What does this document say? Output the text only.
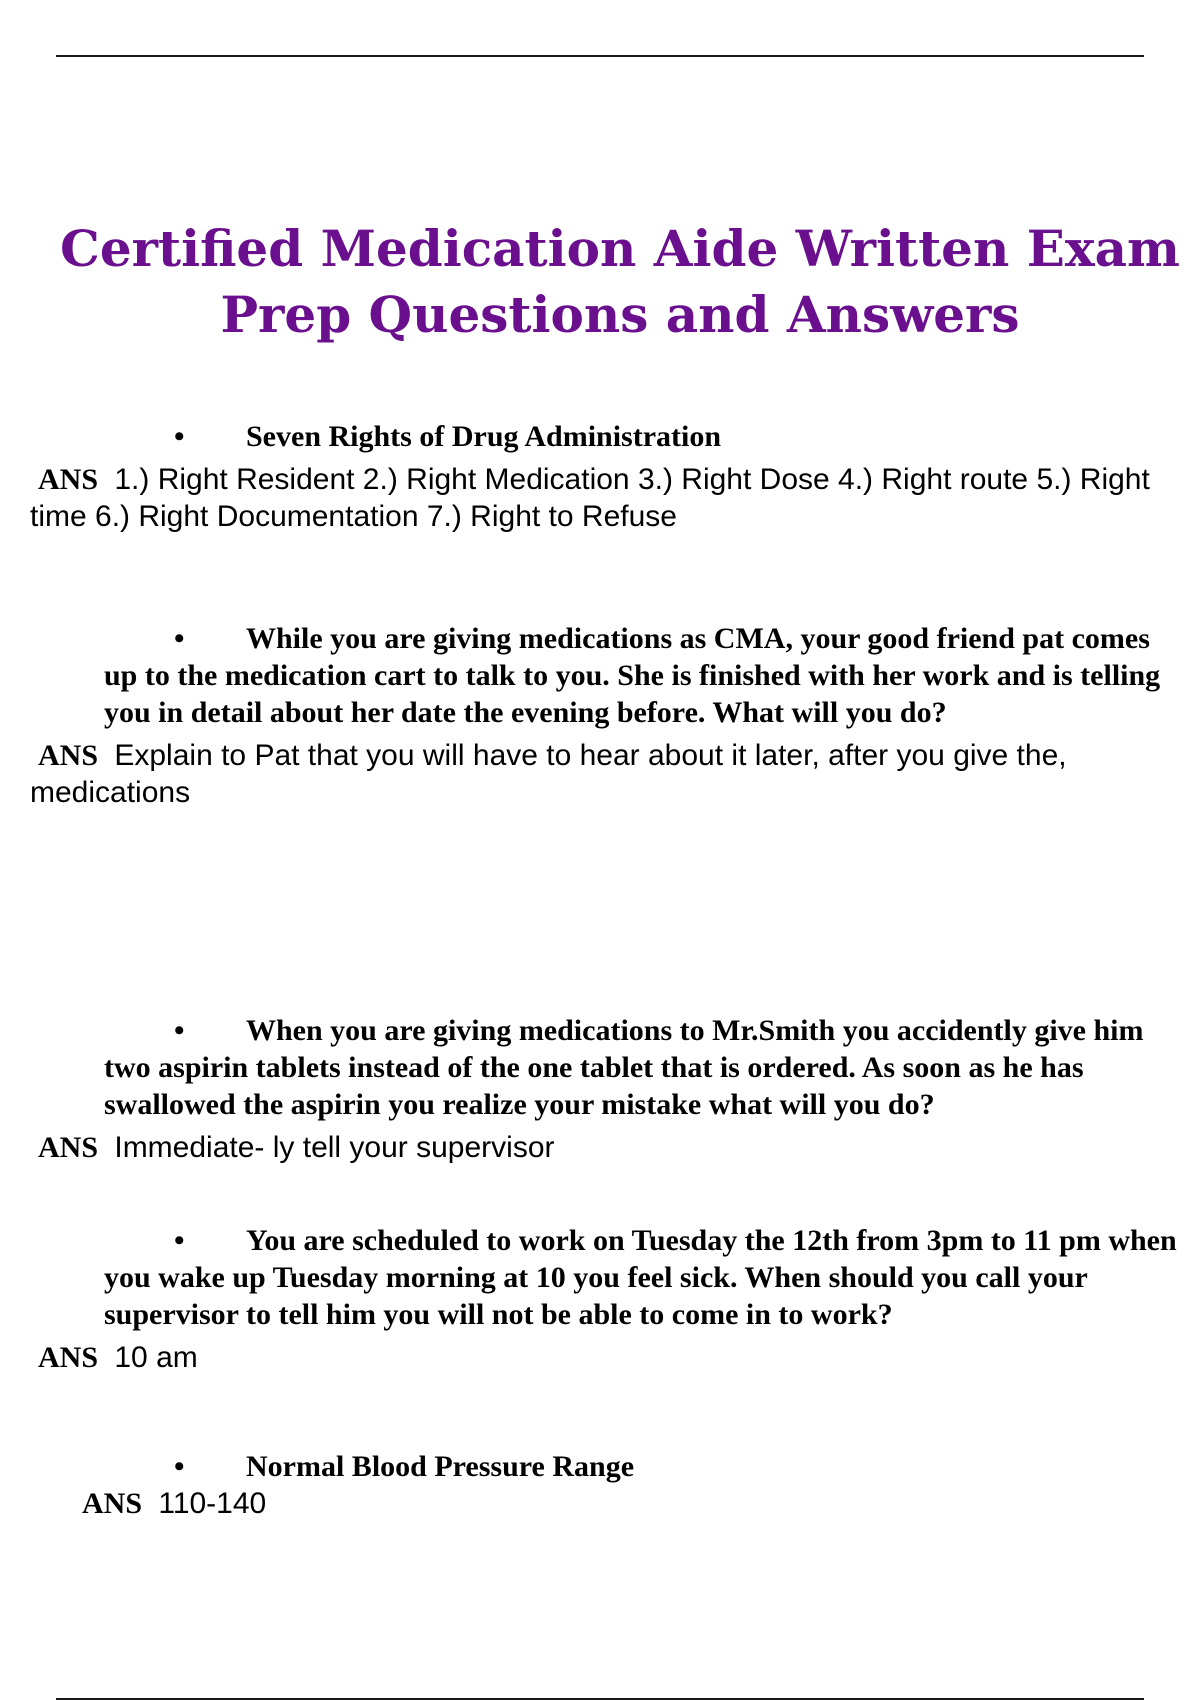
Certified Medication Aide Written Exam Prep Questions and Answers

•	Seven Rights of Drug Administration

ANS 1.) Right Resident 2.) Right Medication 3.) Right Dose 4.) Right route 5.) Right time 6.) Right Documentation 7.) Right to Refuse

•	While you are giving medications as CMA, your good friend pat comes up to the medication cart to talk to you. She is finished with her work and is telling you in detail about her date the evening before. What will you do?

ANS Explain to Pat that you will have to hear about it later, after you give the, medications

•	When you are giving medications to Mr.Smith you accidently give him two aspirin tablets instead of the one tablet that is ordered. As soon as he has swallowed the aspirin you realize your mistake what will you do?

ANS Immediate- ly tell your supervisor

•	You are scheduled to work on Tuesday the 12th from 3pm to 11 pm when you wake up Tuesday morning at 10 you feel sick. When should you call your supervisor to tell him you will not be able to come in to work?

ANS 10 am

•	Normal Blood Pressure Range

ANS 110-140
